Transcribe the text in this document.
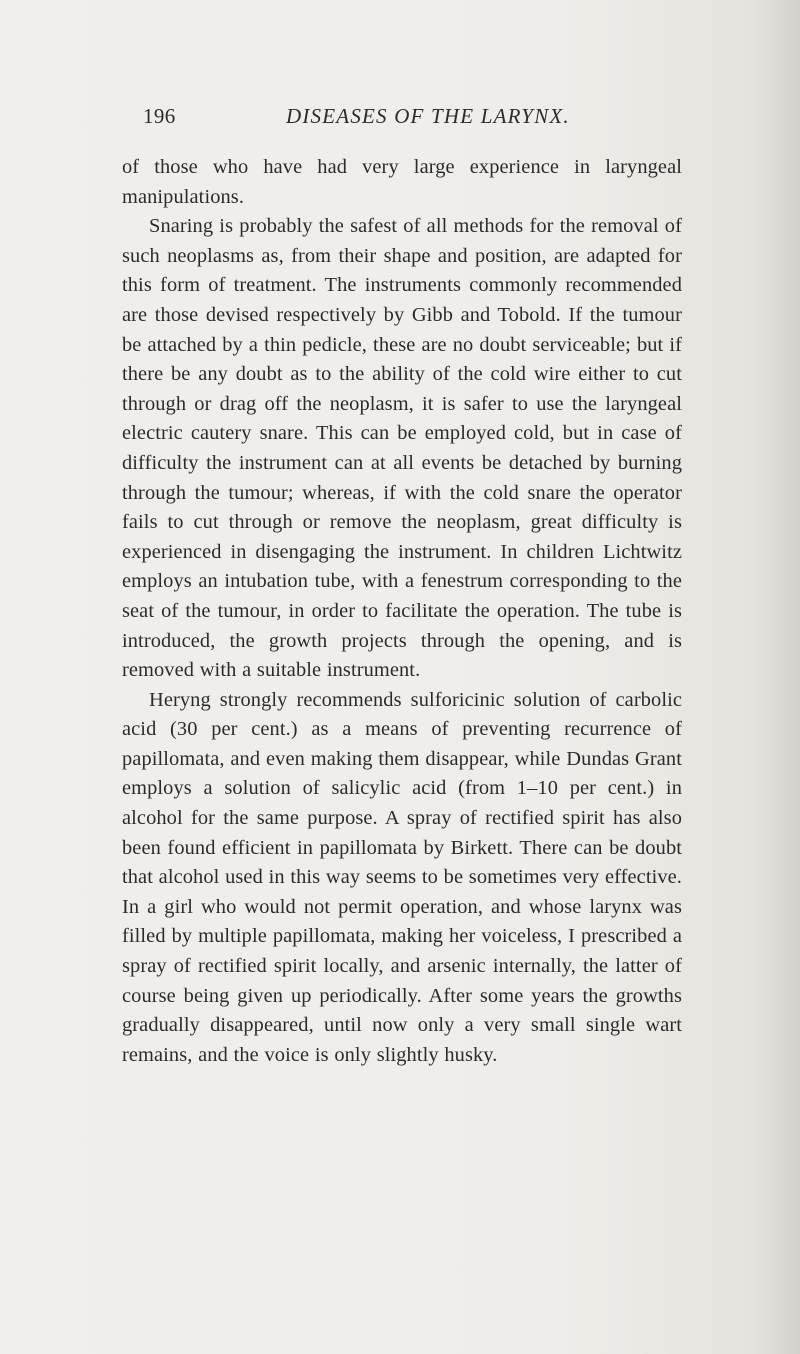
196	DISEASES OF THE LARYNX.

of those who have had very large experience in laryngeal manipulations.

Snaring is probably the safest of all methods for the removal of such neoplasms as, from their shape and position, are adapted for this form of treatment. The instruments commonly recommended are those devised respectively by Gibb and Tobold. If the tumour be attached by a thin pedicle, these are no doubt serviceable; but if there be any doubt as to the ability of the cold wire either to cut through or drag off the neoplasm, it is safer to use the laryngeal electric cautery snare. This can be employed cold, but in case of difficulty the instrument can at all events be detached by burning through the tumour; whereas, if with the cold snare the operator fails to cut through or remove the neoplasm, great difficulty is experienced in disengaging the instrument. In children Lichtwitz employs an intubation tube, with a fenestrum corresponding to the seat of the tumour, in order to facilitate the operation. The tube is introduced, the growth projects through the opening, and is removed with a suitable instrument.

Heryng strongly recommends sulforicinic solution of carbolic acid (30 per cent.) as a means of preventing recurrence of papillomata, and even making them disappear, while Dundas Grant employs a solution of salicylic acid (from 1–10 per cent.) in alcohol for the same purpose. A spray of rectified spirit has also been found efficient in papillomata by Birkett. There can be doubt that alcohol used in this way seems to be sometimes very effective. In a girl who would not permit operation, and whose larynx was filled by multiple papillomata, making her voiceless, I prescribed a spray of rectified spirit locally, and arsenic internally, the latter of course being given up periodically. After some years the growths gradually disappeared, until now only a very small single wart remains, and the voice is only slightly husky.
